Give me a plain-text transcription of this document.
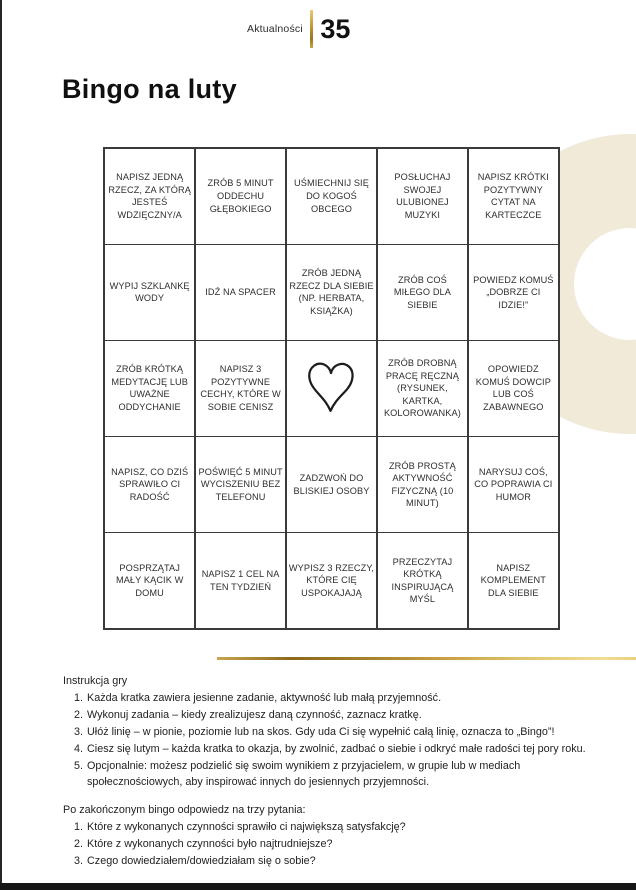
Aktualności 35
Bingo na luty
NAPISZ JEDNĄ RZECZ, ZA KTÓRĄ JESTEŚ WDZIĘCZNY/A
ZRÓB 5 MINUT ODDECHU GŁĘBOKIEGO
UŚMIECHNIJ SIĘ DO KOGOŚ OBCEGO
POSŁUCHAJ SWOJEJ ULUBIONEJ MUZYKI
NAPISZ KRÓTKI POZYTYWNY CYTAT NA KARTECZCE
WYPIJ SZKLANKĘ WODY
IDŹ NA SPACER
ZRÓB JEDNĄ RZECZ DLA SIEBIE (NP. HERBATA, KSIĄŻKA)
ZRÓB COŚ MIŁEGO DLA SIEBIE
POWIEDZ KOMUŚ „DOBRZE CI IDZIE!”
ZRÓB KRÓTKĄ MEDYTACJĘ LUB UWAŻNE ODDYCHANIE
NAPISZ 3 POZYTYWNE CECHY, KTÓRE W SOBIE CENISZ
ZRÓB DROBNĄ PRACĘ RĘCZNĄ (RYSUNEK, KARTKA, KOLOROWANKA)
OPOWIEDZ KOMUŚ DOWCIP LUB COŚ ZABAWNEGO
NAPISZ, CO DZIŚ SPRAWIŁO CI RADOŚĆ
POŚWIĘĆ 5 MINUT WYCISZENIU BEZ TELEFONU
ZADZWOŃ DO BLISKIEJ OSOBY
ZRÓB PROSTĄ AKTYWNOŚĆ FIZYCZNĄ (10 MINUT)
NARYSUJ COŚ, CO POPRAWIA CI HUMOR
POSPRZĄTAJ MAŁY KĄCIK W DOMU
NAPISZ 1 CEL NA TEN TYDZIEŃ
WYPISZ 3 RZECZY, KTÓRE CIĘ USPOKAJAJĄ
PRZECZYTAJ KRÓTKĄ INSPIRUJĄCĄ MYŚL
NAPISZ KOMPLEMENT DLA SIEBIE

Instrukcja gry

1. Każda kratka zawiera jesienne zadanie, aktywność lub małą przyjemność.
2. Wykonuj zadania – kiedy zrealizujesz daną czynność, zaznacz kratkę.
3. Ułóż linię – w pionie, poziomie lub na skos. Gdy uda Ci się wypełnić całą linię, oznacza to „Bingo”!
4. Ciesz się lutym – każda kratka to okazja, by zwolnić, zadbać o siebie i odkryć małe radości tej pory roku.
5. Opcjonalnie: możesz podzielić się swoim wynikiem z przyjacielem, w grupie lub w mediach społecznościowych, aby inspirować innych do jesiennych przyjemności.

Po zakończonym bingo odpowiedz na trzy pytania:

1. Które z wykonanych czynności sprawiło ci największą satysfakcję?
2. Które z wykonanych czynności było najtrudniejsze?
3. Czego dowiedziałem/dowiedziałam się o sobie?
